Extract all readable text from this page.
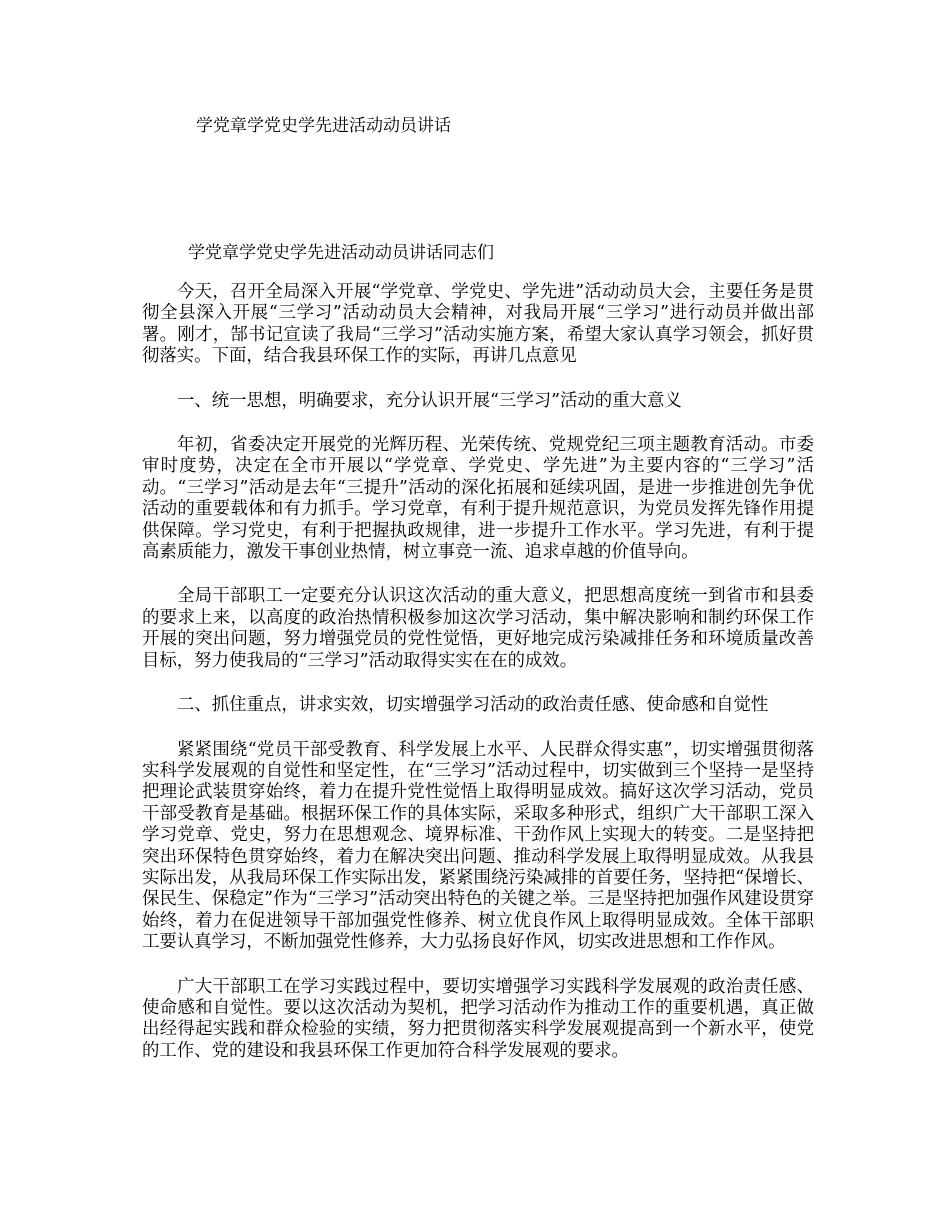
学党章学党史学先进活动动员讲话
学党章学党史学先进活动动员讲话同志们

今天，召开全局深入开展“学党章、学党史、学先进”活动动员大会，主要任务是贯彻全县深入开展“三学习”活动动员大会精神，对我局开展“三学习”进行动员并做出部署。刚才，郜书记宣读了我局“三学习”活动实施方案，希望大家认真学习领会，抓好贯彻落实。下面，结合我县环保工作的实际，再讲几点意见

一、统一思想，明确要求，充分认识开展“三学习”活动的重大意义

年初，省委决定开展党的光辉历程、光荣传统、党规党纪三项主题教育活动。市委审时度势，决定在全市开展以“学党章、学党史、学先进”为主要内容的“三学习”活动。“三学习”活动是去年“三提升”活动的深化拓展和延续巩固，是进一步推进创先争优活动的重要载体和有力抓手。学习党章，有利于提升规范意识，为党员发挥先锋作用提供保障。学习党史，有利于把握执政规律，进一步提升工作水平。学习先进，有利于提高素质能力，激发干事创业热情，树立事竞一流、追求卓越的价值导向。

全局干部职工一定要充分认识这次活动的重大意义，把思想高度统一到省市和县委的要求上来，以高度的政治热情积极参加这次学习活动，集中解决影响和制约环保工作开展的突出问题，努力增强党员的党性觉悟，更好地完成污染减排任务和环境质量改善目标，努力使我局的“三学习”活动取得实实在在的成效。

二、抓住重点，讲求实效，切实增强学习活动的政治责任感、使命感和自觉性

紧紧围绕“党员干部受教育、科学发展上水平、人民群众得实惠”，切实增强贯彻落实科学发展观的自觉性和坚定性，在“三学习”活动过程中，切实做到三个坚持一是坚持把理论武装贯穿始终，着力在提升党性觉悟上取得明显成效。搞好这次学习活动，党员干部受教育是基础。根据环保工作的具体实际，采取多种形式，组织广大干部职工深入学习党章、党史，努力在思想观念、境界标准、干劲作风上实现大的转变。二是坚持把突出环保特色贯穿始终，着力在解决突出问题、推动科学发展上取得明显成效。从我县实际出发，从我局环保工作实际出发，紧紧围绕污染减排的首要任务，坚持把“保增长、保民生、保稳定”作为“三学习”活动突出特色的关键之举。三是坚持把加强作风建设贯穿始终，着力在促进领导干部加强党性修养、树立优良作风上取得明显成效。全体干部职工要认真学习，不断加强党性修养，大力弘扬良好作风，切实改进思想和工作作风。

广大干部职工在学习实践过程中，要切实增强学习实践科学发展观的政治责任感、使命感和自觉性。要以这次活动为契机，把学习活动作为推动工作的重要机遇，真正做出经得起实践和群众检验的实绩，努力把贯彻落实科学发展观提高到一个新水平，使党的工作、党的建设和我县环保工作更加符合科学发展观的要求。
